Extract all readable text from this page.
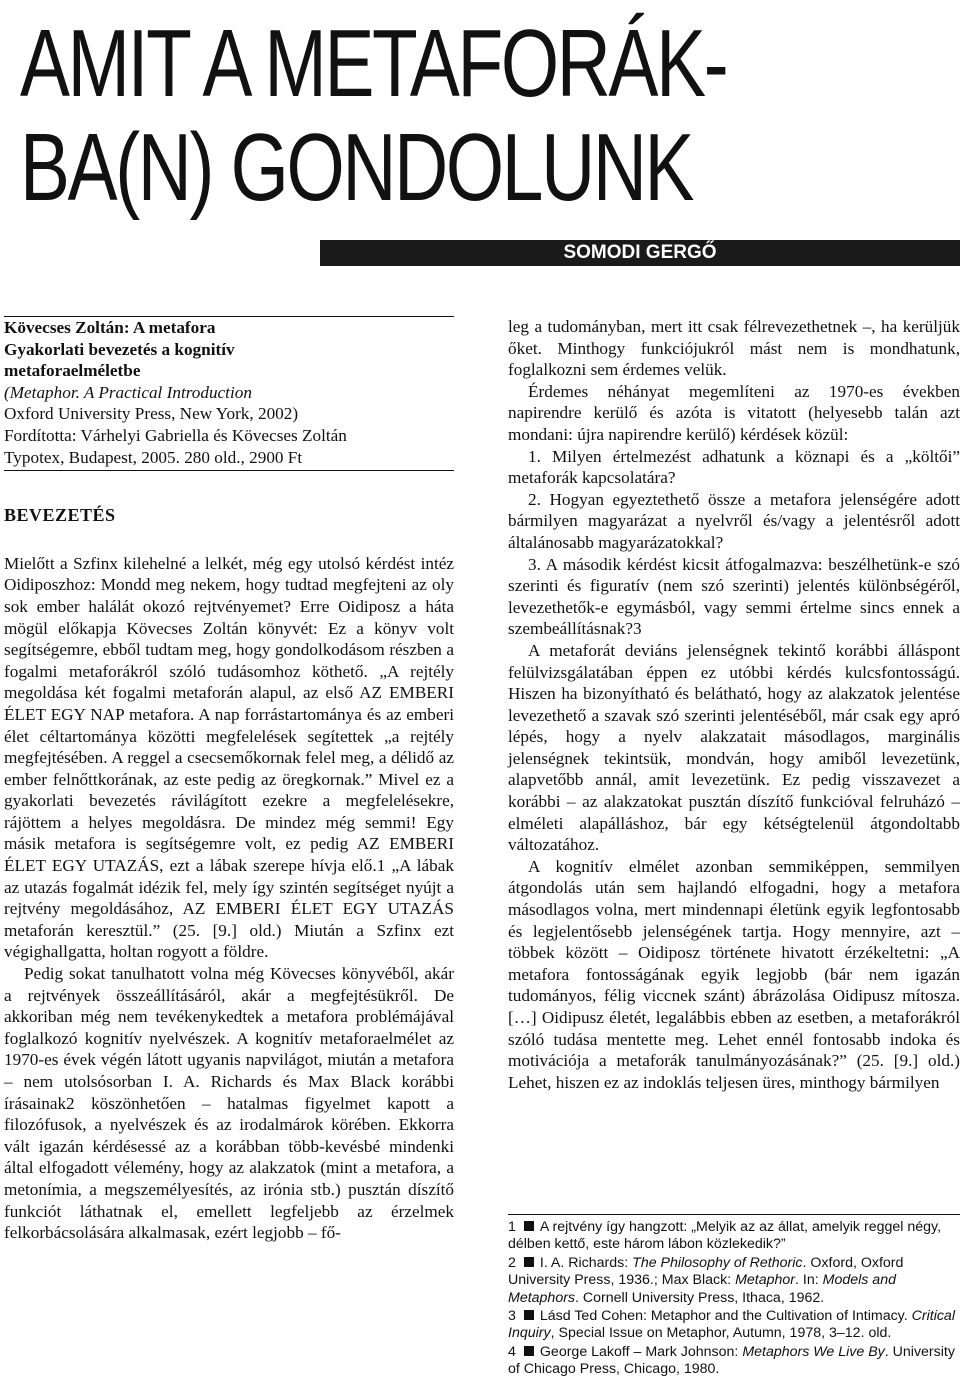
AMIT A METAFORÁK-
BA(N) GONDOLUNK
SOMODI GERGŐ
Kövecses Zoltán: A metafora
Gyakorlati bevezetés a kognitív
metaforaelméletbe
(Metaphor. A Practical Introduction
Oxford University Press, New York, 2002)
Fordította: Várhelyi Gabriella és Kövecses Zoltán
Typotex, Budapest, 2005. 280 old., 2900 Ft
BEVEZETÉS

Mielőtt a Szfinx kilehelné a lelkét, még egy utolsó kérdést intéz Oidiposzhoz: Mondd meg nekem, hogy tudtad megfejteni az oly sok ember halálát okozó rejtvényemet? Erre Oidiposz a háta mögül előkapja Kövecses Zoltán könyvét: Ez a könyv volt segítségemre, ebből tudtam meg, hogy gondolkodásom részben a fogalmi metaforákról szóló tudásomhoz köthető. „A rejtély megoldása két fogalmi metaforán alapul, az első AZ EMBERI ÉLET EGY NAP metafora. A nap forrástartománya és az emberi élet céltartománya közötti megfelelések segítettek „a rejtély megfejtésében. A reggel a csecsemőkornak felel meg, a délidő az ember felnőttkorának, az este pedig az öregkornak.” Mivel ez a gyakorlati bevezetés rávilágított ezekre a megfelelésekre, rájöttem a helyes megoldásra. De mindez még semmi! Egy másik metafora is segítségemre volt, ez pedig AZ EMBERI ÉLET EGY UTAZÁS, ezt a lábak szerepe hívja elő.1 „A lábak az utazás fogalmát idézik fel, mely így szintén segítséget nyújt a rejtvény megoldásához, AZ EMBERI ÉLET EGY UTAZÁS metaforán keresztül.” (25. [9.] old.) Miután a Szfinx ezt végighallgatta, holtan rogyott a földre.

Pedig sokat tanulhatott volna még Kövecses könyvéből, akár a rejtvények összeállításáról, akár a megfejtésükről. De akkoriban még nem tevékenykedtek a metafora problémájával foglalkozó kognitív nyelvészek. A kognitív metaforaelmélet az 1970-es évek végén látott ugyanis napvilágot, miután a metafora – nem utolsósorban I. A. Richards és Max Black korábbi írásainak2 köszönhetően – hatalmas figyelmet kapott a filozófusok, a nyelvészek és az irodalmárok körében. Ekkorra vált igazán kérdésessé az a korábban több-kevésbé mindenki által elfogadott vélemény, hogy az alakzatok (mint a metafora, a metonímia, a megszemélyesítés, az irónia stb.) pusztán díszítő funkciót láthatnak el, emellett legfeljebb az érzelmek felkorbácsolására alkalmasak, ezért legjobb – fő-

leg a tudományban, mert itt csak félrevezethetnek –, ha kerüljük őket. Minthogy funkciójukról mást nem is mondhatunk, foglalkozni sem érdemes velük.

Érdemes néhányat megemlíteni az 1970-es években napirendre kerülő és azóta is vitatott (helyesebb talán azt mondani: újra napirendre kerülő) kérdések közül:

1. Milyen értelmezést adhatunk a köznapi és a „költői” metaforák kapcsolatára?

2. Hogyan egyeztethető össze a metafora jelenségére adott bármilyen magyarázat a nyelvről és/vagy a jelentésről adott általánosabb magyarázatokkal?

3. A második kérdést kicsit átfogalmazva: beszélhetünk-e szó szerinti és figuratív (nem szó szerinti) jelentés különbségéről, levezethetők-e egymásból, vagy semmi értelme sincs ennek a szembeállításnak?3

A metaforát deviáns jelenségnek tekintő korábbi álláspont felülvizsgálatában éppen ez utóbbi kérdés kulcsfontosságú. Hiszen ha bizonyítható és belátható, hogy az alakzatok jelentése levezethető a szavak szó szerinti jelentéséből, már csak egy apró lépés, hogy a nyelv alakzatait másodlagos, marginális jelenségnek tekintsük, mondván, hogy amiből levezetünk, alapvetőbb annál, amit levezetünk. Ez pedig visszavezet a korábbi – az alakzatokat pusztán díszítő funkcióval felruházó – elméleti alapálláshoz, bár egy kétségtelenül átgondoltabb változatához.

A kognitív elmélet azonban semmiképpen, semmilyen átgondolás után sem hajlandó elfogadni, hogy a metafora másodlagos volna, mert mindennapi életünk egyik legfontosabb és legjelentősebb jelenségének tartja. Hogy mennyire, azt – többek között – Oidiposz története hivatott érzékeltetni: „A metafora fontosságának egyik legjobb (bár nem igazán tudományos, félig viccnek szánt) ábrázolása Oidipusz mítosza. […] Oidipusz életét, legalábbis ebben az esetben, a metaforákról szóló tudása mentette meg. Lehet ennél fontosabb indoka és motivációja a metaforák tanulmányozásának?” (25. [9.] old.) Lehet, hiszen ez az indoklás teljesen üres, minthogy bármilyen

1 A rejtvény így hangzott: „Melyik az az állat, amelyik reggel négy, délben kettő, este három lábon közlekedik?”
2 I. A. Richards: The Philosophy of Rethoric. Oxford, Oxford University Press, 1936.; Max Black: Metaphor. In: Models and Metaphors. Cornell University Press, Ithaca, 1962.
3 Lásd Ted Cohen: Metaphor and the Cultivation of Intimacy. Critical Inquiry, Special Issue on Metaphor, Autumn, 1978, 3–12. old.
4 George Lakoff – Mark Johnson: Metaphors We Live By. University of Chicago Press, Chicago, 1980.
